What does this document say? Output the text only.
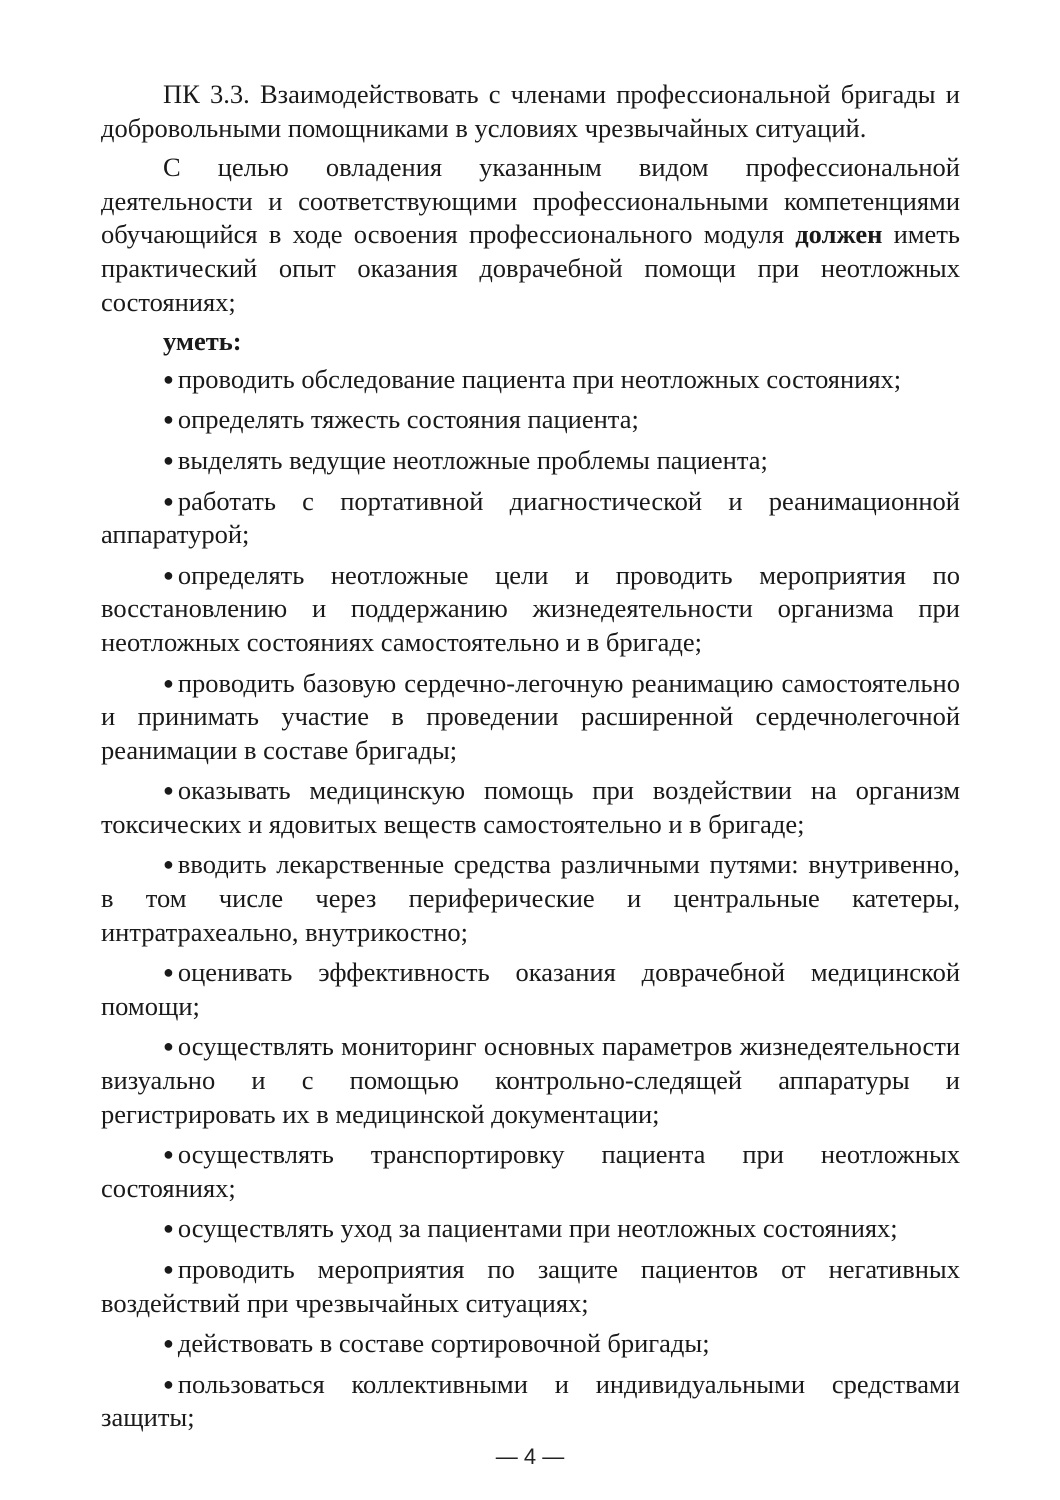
ПК 3.3. Взаимодействовать с членами профессиональной бригады и добровольными помощниками в условиях чрезвычайных ситуаций.

С целью овладения указанным видом профессиональной деятельности и соответствующими профессиональными компетенциями обучающийся в ходе освоения профессионального модуля должен иметь практический опыт оказания доврачебной помощи при неотложных состояниях;

уметь:

● проводить обследование пациента при неотложных состояниях;

● определять тяжесть состояния пациента;

● выделять ведущие неотложные проблемы пациента;

● работать с портативной диагностической и реанимационной аппаратурой;

● определять неотложные цели и проводить мероприятия по восстановлению и поддержанию жизнедеятельности организма при неотложных состояниях самостоятельно и в бригаде;

● проводить базовую сердечно-легочную реанимацию самостоятельно и принимать участие в проведении расширенной сердечнолегочной реанимации в составе бригады;

● оказывать медицинскую помощь при воздействии на организм токсических и ядовитых веществ самостоятельно и в бригаде;

● вводить лекарственные средства различными путями: внутривенно, в том числе через периферические и центральные катетеры, интратрахеально, внутрикостно;

● оценивать эффективность оказания доврачебной медицинской помощи;

● осуществлять мониторинг основных параметров жизнедеятельности визуально и с помощью контрольно-следящей аппаратуры и регистрировать их в медицинской документации;

● осуществлять транспортировку пациента при неотложных состояниях;

● осуществлять уход за пациентами при неотложных состояниях;

● проводить мероприятия по защите пациентов от негативных воздействий при чрезвычайных ситуациях;

● действовать в составе сортировочной бригады;

● пользоваться коллективными и индивидуальными средствами защиты;

— 4 —
